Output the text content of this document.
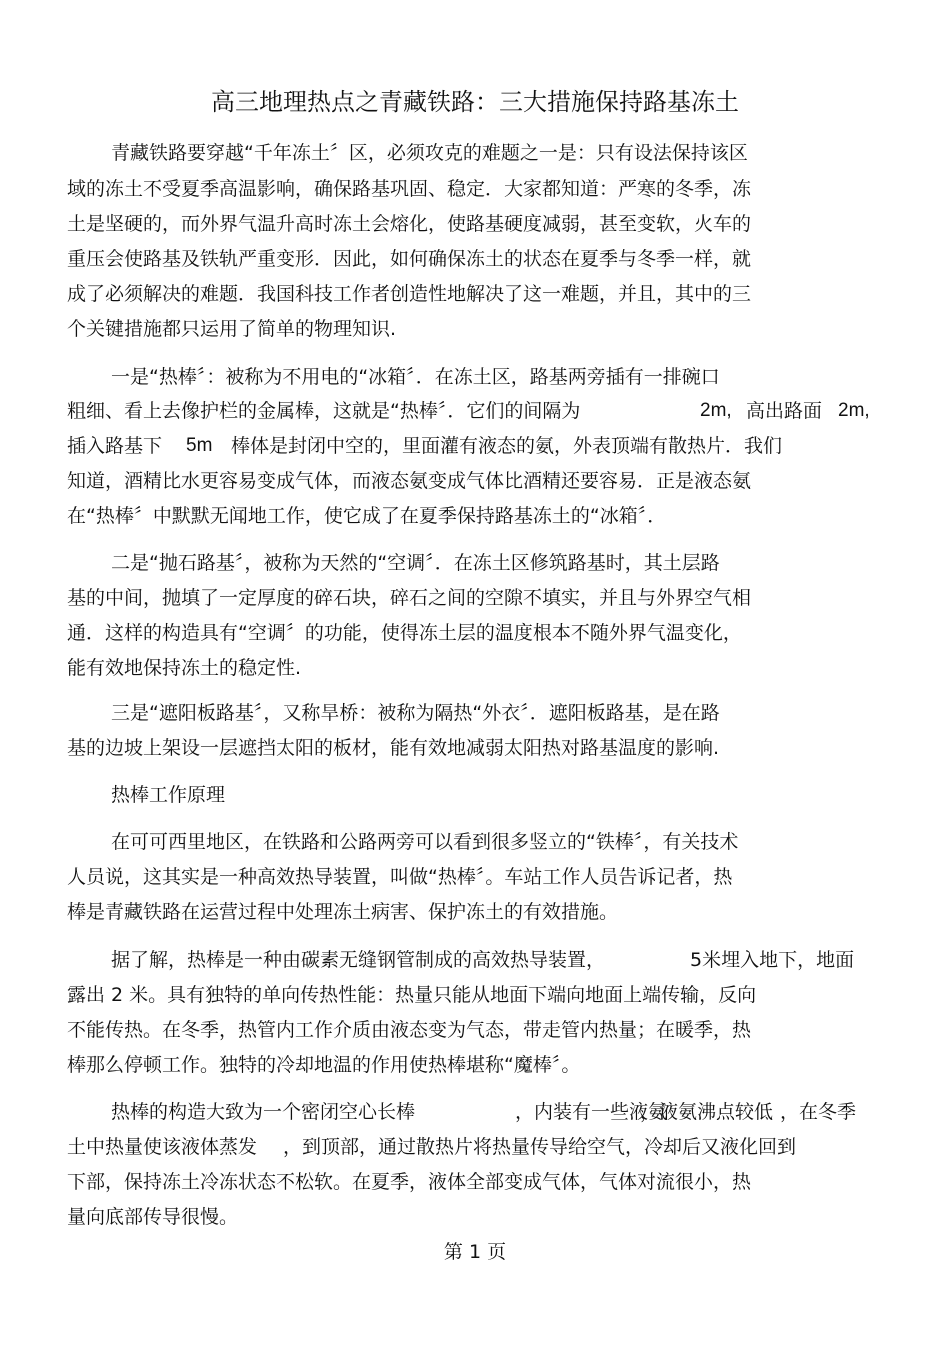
高三地理热点之青藏铁路：三大措施保持路基冻土
青藏铁路要穿越“千年冻土〞区，必须攻克的难题之一是：只有设法保持该区
域的冻土不受夏季高温影响，确保路基巩固、稳定．大家都知道：严寒的冬季，冻
土是坚硬的，而外界气温升高时冻土会熔化，使路基硬度减弱，甚至变软，火车的
重压会使路基及铁轨严重变形．因此，如何确保冻土的状态在夏季与冬季一样，就
成了必须解决的难题．我国科技工作者创造性地解决了这一难题，并且，其中的三
个关键措施都只运用了简单的物理知识.
一是“热棒〞：被称为不用电的“冰箱〞．在冻土区，路基两旁插有一排碗口
粗细、看上去像护栏的金属棒，这就是“热棒〞．它们的间隔为	2m, 高出路面 2m,
插入路基下 5m 棒体是封闭中空的，里面灌有液态的氨，外表顶端有散热片．我们
知道，酒精比水更容易变成气体，而液态氨变成气体比酒精还要容易．正是液态氨
在“热棒〞中默默无闻地工作，使它成了在夏季保持路基冻土的“冰箱〞．
二是“抛石路基〞，被称为天然的“空调〞．在冻土区修筑路基时，其土层路
基的中间，抛填了一定厚度的碎石块，碎石之间的空隙不填实，并且与外界空气相
通．这样的构造具有“空调〞的功能，使得冻土层的温度根本不随外界气温变化，
能有效地保持冻土的稳定性.
三是“遮阳板路基〞，又称旱桥：被称为隔热“外衣〞．遮阳板路基，是在路
基的边坡上架设一层遮挡太阳的板材，能有效地减弱太阳热对路基温度的影响.
热棒工作原理
在可可西里地区，在铁路和公路两旁可以看到很多竖立的“铁棒〞，有关技术
人员说，这其实是一种高效热导装置，叫做“热棒〞。车站工作人员告诉记者，热
棒是青藏铁路在运营过程中处理冻土病害、保护冻土的有效措施。
据了解，热棒是一种由碳素无缝钢管制成的高效热导装置，	5米埋入地下，地面
露出 2 米。具有独特的单向传热性能：热量只能从地面下端向地面上端传输，反向
不能传热。在冬季，热管内工作介质由液态变为气态，带走管内热量；在暖季，热
棒那么停顿工作。独特的冷却地温的作用使热棒堪称“魔棒〞。
热棒的构造大致为一个密闭空心长棒	，内装有一些液氨
，液氨沸点较低 ，在冬季
土中热量使该液体蒸发 ，到顶部，通过散热片将热量传导给空气，冷却后又液化回到
下部，保持冻土冷冻状态不松软。在夏季，液体全部变成气体，气体对流很小，热
量向底部传导很慢。
第 1 页
